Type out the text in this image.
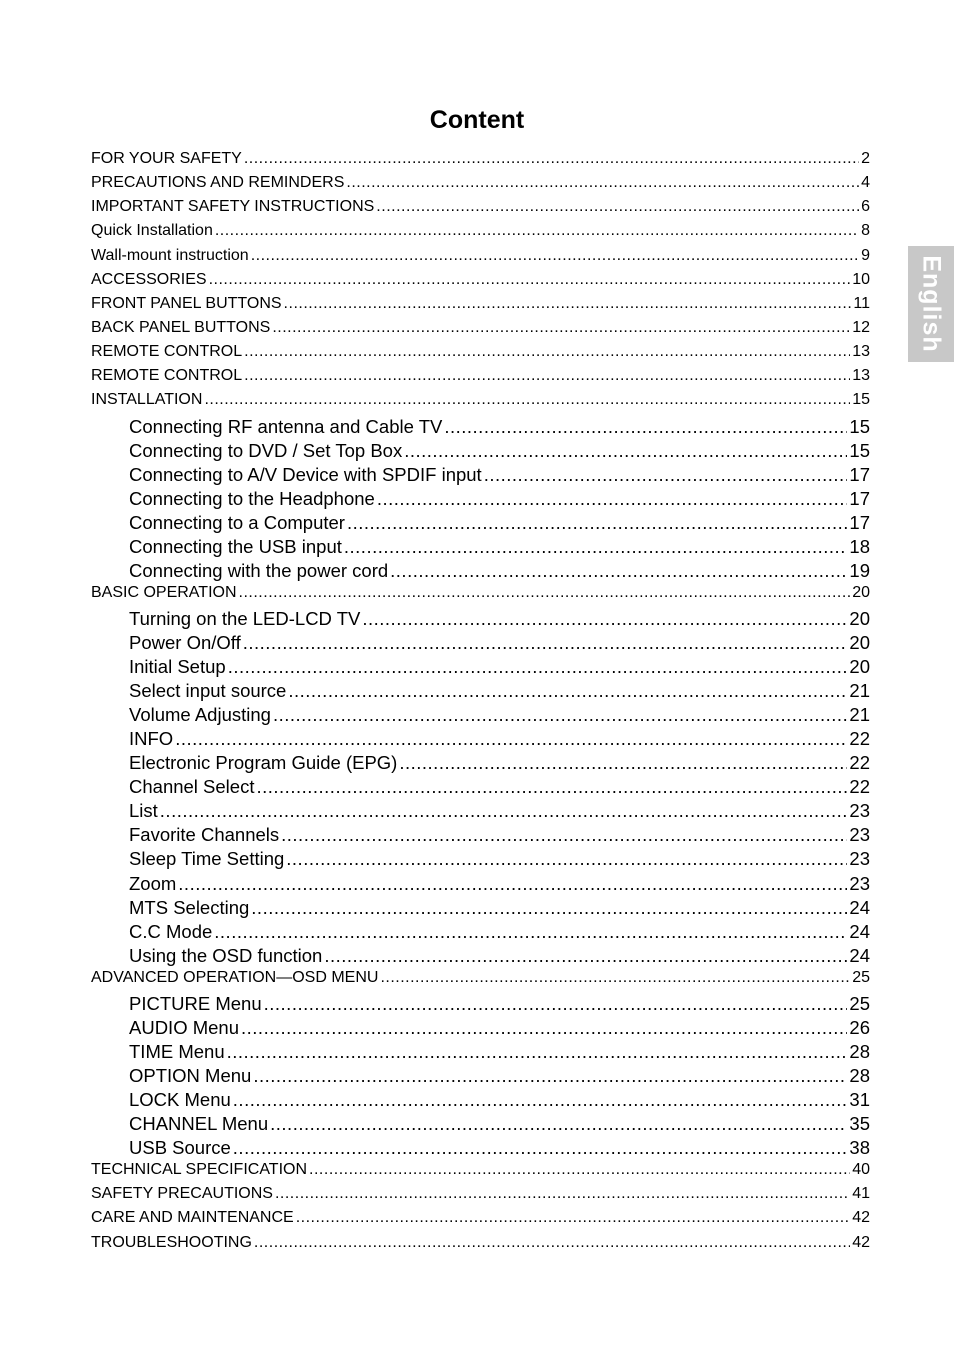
Content
English
FOR YOUR SAFETY .....	2
PRECAUTIONS AND REMINDERS .....	4
IMPORTANT SAFETY INSTRUCTIONS .....	6
Quick Installation .....	8
Wall-mount instruction .....	9
ACCESSORIES .....	10
FRONT PANEL BUTTONS .....	11
BACK PANEL BUTTONS .....	12
REMOTE CONTROL .....	13
REMOTE CONTROL .....	13
INSTALLATION .....	15
Connecting RF antenna and Cable TV .....	15
Connecting to DVD / Set Top Box .....	15
Connecting to A/V Device with SPDIF input .....	17
Connecting to the Headphone .....	17
Connecting to a Computer .....	17
Connecting the USB input .....	18
Connecting with the power cord .....	19
BASIC OPERATION .....	20
Turning on the LED-LCD TV .....	20
Power On/Off .....	20
Initial Setup .....	20
Select input source .....	21
Volume Adjusting .....	21
INFO .....	22
Electronic Program Guide (EPG) .....	22
Channel Select .....	22
List .....	23
Favorite Channels .....	23
Sleep Time Setting .....	23
Zoom .....	23
MTS Selecting .....	24
C.C Mode .....	24
Using the OSD function .....	24
ADVANCED OPERATION—OSD MENU .....	25
PICTURE Menu .....	25
AUDIO Menu .....	26
TIME Menu .....	28
OPTION Menu .....	28
LOCK Menu .....	31
CHANNEL Menu .....	35
USB Source .....	38
TECHNICAL SPECIFICATION .....	40
SAFETY PRECAUTIONS .....	41
CARE AND MAINTENANCE .....	42
TROUBLESHOOTING .....	42
